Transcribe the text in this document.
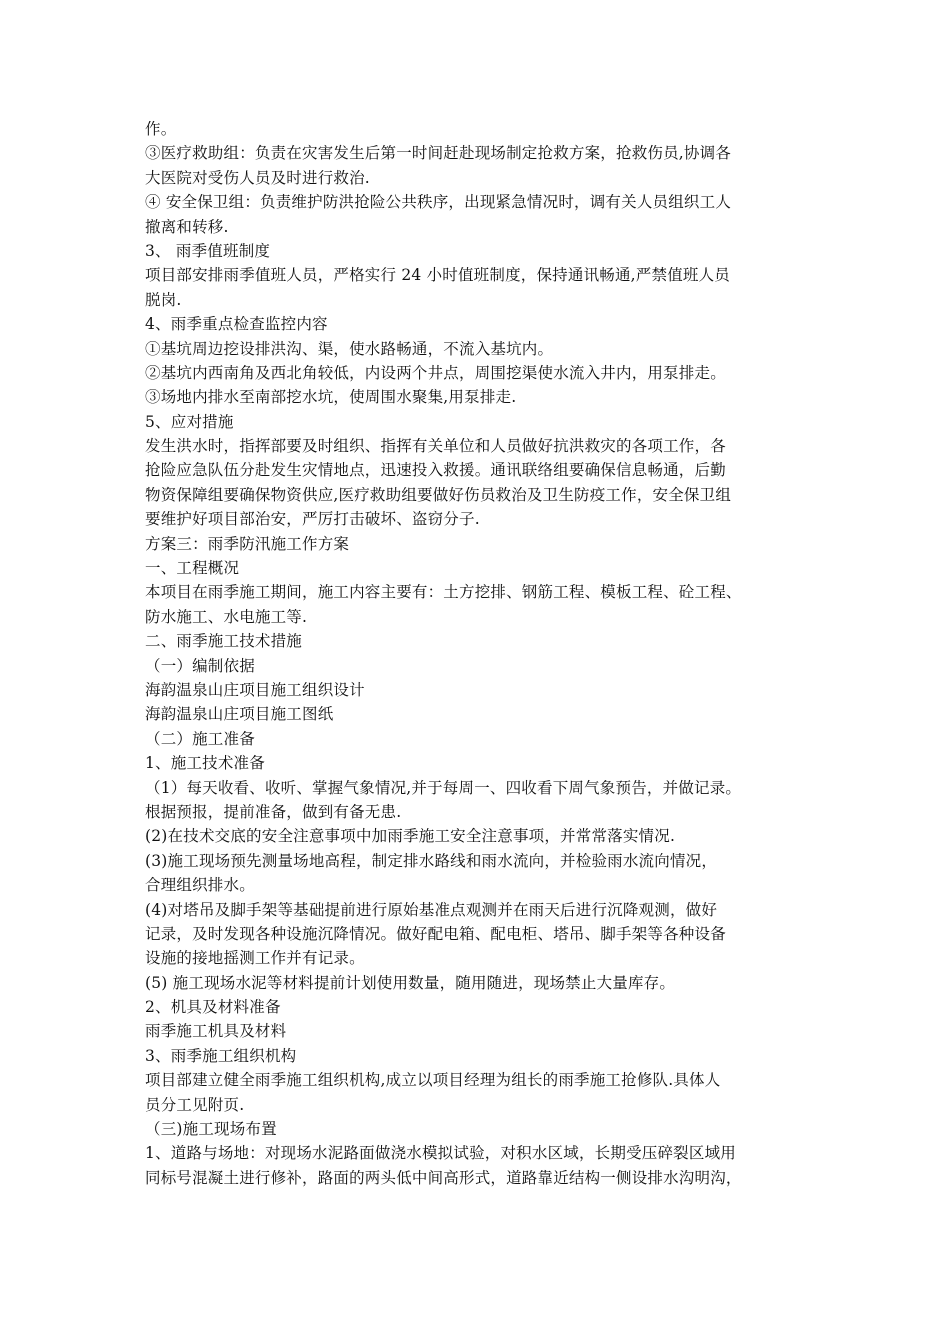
作。
③医疗救助组：负责在灾害发生后第一时间赶赴现场制定抢救方案，抢救伤员,协调各
大医院对受伤人员及时进行救治.
④ 安全保卫组：负责维护防洪抢险公共秩序，出现紧急情况时，调有关人员组织工人
撤离和转移.
3、 雨季值班制度
项目部安排雨季值班人员，严格实行 24 小时值班制度，保持通讯畅通,严禁值班人员
脱岗.
4、雨季重点检查监控内容
①基坑周边挖设排洪沟、渠，使水路畅通，不流入基坑内。
②基坑内西南角及西北角较低，内设两个井点，周围挖渠使水流入井内，用泵排走。
③场地内排水至南部挖水坑，使周围水聚集,用泵排走.
5、应对措施
发生洪水时，指挥部要及时组织、指挥有关单位和人员做好抗洪救灾的各项工作，各
抢险应急队伍分赴发生灾情地点，迅速投入救援。通讯联络组要确保信息畅通，后勤
物资保障组要确保物资供应,医疗救助组要做好伤员救治及卫生防疫工作，安全保卫组
要维护好项目部治安，严厉打击破坏、盗窃分子.
方案三：雨季防汛施工作方案
一、工程概况
本项目在雨季施工期间，施工内容主要有：土方挖排、钢筋工程、模板工程、砼工程、
防水施工、水电施工等.
二、雨季施工技术措施
（一）编制依据
海韵温泉山庄项目施工组织设计
海韵温泉山庄项目施工图纸
（二）施工准备
1、施工技术准备
（1）每天收看、收听、掌握气象情况,并于每周一、四收看下周气象预告，并做记录。
根据预报，提前准备，做到有备无患.
(2)在技术交底的安全注意事项中加雨季施工安全注意事项，并常常落实情况.
(3)施工现场预先测量场地高程，制定排水路线和雨水流向，并检验雨水流向情况，
合理组织排水。
(4)对塔吊及脚手架等基础提前进行原始基准点观测并在雨天后进行沉降观测，做好
记录，及时发现各种设施沉降情况。做好配电箱、配电柜、塔吊、脚手架等各种设备
设施的接地摇测工作并有记录。
(5) 施工现场水泥等材料提前计划使用数量，随用随进，现场禁止大量库存。
2、机具及材料准备
雨季施工机具及材料
3、雨季施工组织机构
项目部建立健全雨季施工组织机构,成立以项目经理为组长的雨季施工抢修队.具体人
员分工见附页.
（三)施工现场布置
1、道路与场地：对现场水泥路面做浇水模拟试验，对积水区域，长期受压碎裂区域用
同标号混凝土进行修补，路面的两头低中间高形式，道路靠近结构一侧设排水沟明沟，
